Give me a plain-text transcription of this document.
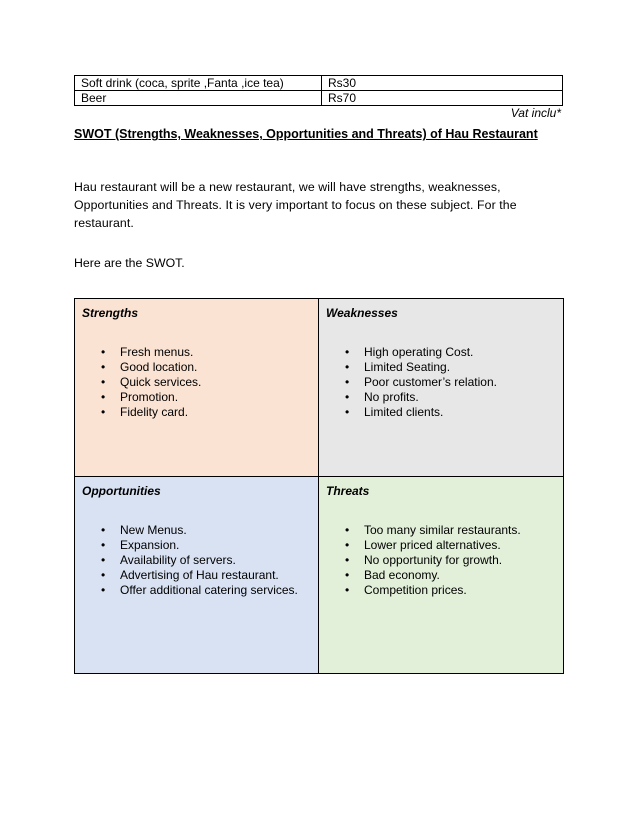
Soft drink (coca, sprite ,Fanta ,ice tea)	Rs30
Beer	Rs70
Vat inclu*
SWOT (Strengths, Weaknesses, Opportunities and Threats) of Hau Restaurant
Hau restaurant will be a new restaurant, we will have strengths, weaknesses, Opportunities and Threats. It is very important to focus on these subject. For the restaurant.
Here are the SWOT.
Strengths
• Fresh menus.
• Good location.
• Quick services.
• Promotion.
• Fidelity card.
Weaknesses
• High operating Cost.
• Limited Seating.
• Poor customer’s relation.
• No profits.
• Limited clients.
Opportunities
• New Menus.
• Expansion.
• Availability of servers.
• Advertising of Hau restaurant.
• Offer additional catering services.
Threats
• Too many similar restaurants.
• Lower priced alternatives.
• No opportunity for growth.
• Bad economy.
• Competition prices.
